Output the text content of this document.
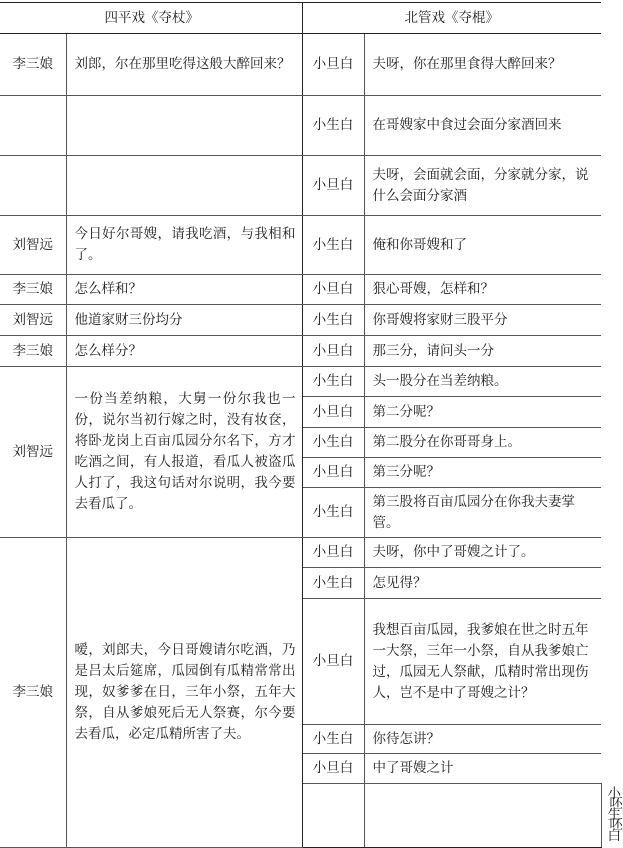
四平戏《夺杖》		北管戏《夺棍》		
李三娘	刘郎，尔在那里吃得这般大醉回来？	小旦白	夫呀，你在那里食得大醉回来？	
		小生白	在哥嫂家中食过会面分家酒回来	
		小旦白	夫呀，会面就会面，分家就分家，说什么会面分家酒	
刘智远	今日好尔哥嫂，请我吃酒，与我相和了。	小生白	俺和你哥嫂和了	
李三娘	怎么样和？	小旦白	狠心哥嫂，怎样和？	
刘智远	他道家财三份均分	小生白	你哥嫂将家财三股平分	
李三娘	怎么样分？	小旦白	那三分，请问头一分	
刘智远	一份当差纳粮，大舅一份尔我也一份，说尔当初行嫁之时，没有妆奁，将卧龙岗上百亩瓜园分尔名下，方才吃酒之间，有人报道，看瓜人被盗瓜人打了，我这句话对尔说明，我今要去看瓜了。	小生白	头一股分在当差纳粮。	
		小旦白	第二分呢？	
		小生白	第二股分在你哥哥身上。	
		小旦白	第三分呢？	
		小生白	第三股将百亩瓜园分在你我夫妻掌管。	
李三娘	嗳，刘郎夫，今日哥嫂请尔吃酒，乃是吕太后筵席，瓜园倒有瓜精常常出现，奴爹爹在日，三年小祭，五年大祭，自从爹娘死后无人祭赛，尔今要去看瓜，必定瓜精所害了夫。	小旦白	夫呀，你中了哥嫂之计了。	
		小生白	怎见得？	
		小旦白	我想百亩瓜园，我爹娘在世之时五年一大祭，三年一小祭，自从我爹娘亡过，瓜园无人祭献，瓜精时常出现伤人，岂不是中了哥嫂之计？	
		小生白	你待怎讲？	
		小旦白	中了哥嫂之计	
				小生白	呸呸
